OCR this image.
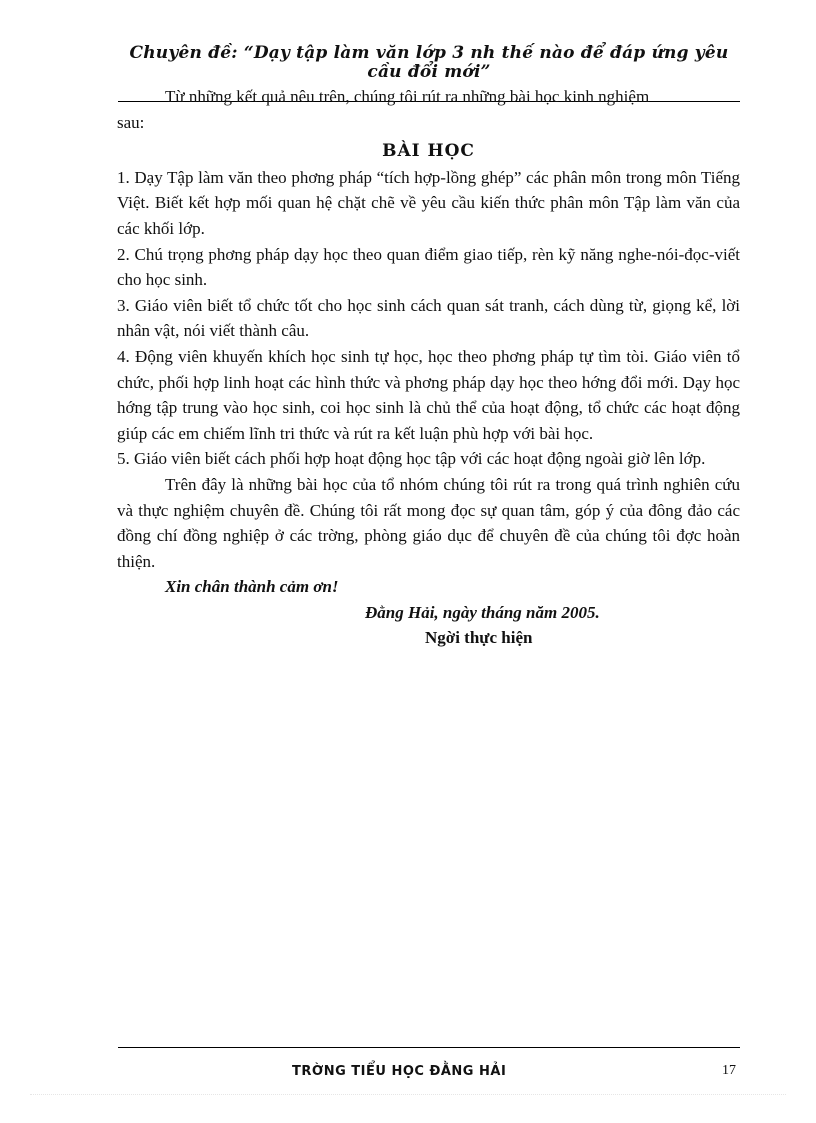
Chuyên đề: “Dạy tập làm văn lớp 3 nh thế nào để đáp ứng yêu cầu đổi mới”

Từ những kết quả nêu trên, chúng tôi rút ra những bài học kinh nghiệm

sau:

BÀI HỌC

1. Dạy Tập làm văn theo phơng pháp “tích hợp-lồng ghép” các phân môn trong môn Tiếng Việt. Biết kết hợp mối quan hệ chặt chẽ về yêu cầu kiến thức phân môn Tập làm văn của các khối lớp.

2. Chú trọng phơng pháp dạy học theo quan điểm giao tiếp, rèn kỹ năng nghe-nói-đọc-viết cho học sinh.

3. Giáo viên biết tổ chức tốt cho học sinh cách quan sát tranh, cách dùng từ, giọng kể, lời nhân vật, nói viết thành câu.

4. Động viên khuyến khích học sinh tự học, học theo phơng pháp tự tìm tòi. Giáo viên tổ chức, phối hợp linh hoạt các hình thức và phơng pháp dạy học theo hớng đổi mới. Dạy học hớng tập trung vào học sinh, coi học sinh là chủ thể của hoạt động, tổ chức các hoạt động giúp các em chiếm lĩnh tri thức và rút ra kết luận phù hợp với bài học.

5. Giáo viên biết cách phối hợp hoạt động học tập với các hoạt động ngoài giờ lên lớp.

Trên đây là những bài học của tổ nhóm chúng tôi rút ra trong quá trình nghiên cứu và thực nghiệm chuyên đề. Chúng tôi rất mong đọc sự quan tâm, góp ý của đông đảo các đồng chí đồng nghiệp ở các trờng, phòng giáo dục để chuyên đề của chúng tôi đợc hoàn thiện.

Xin chân thành cảm ơn!

Đằng Hải, ngày tháng năm 2005.

Ngời thực hiện

TRỜNG TIỂU HỌC ĐẰNG HẢI	17
